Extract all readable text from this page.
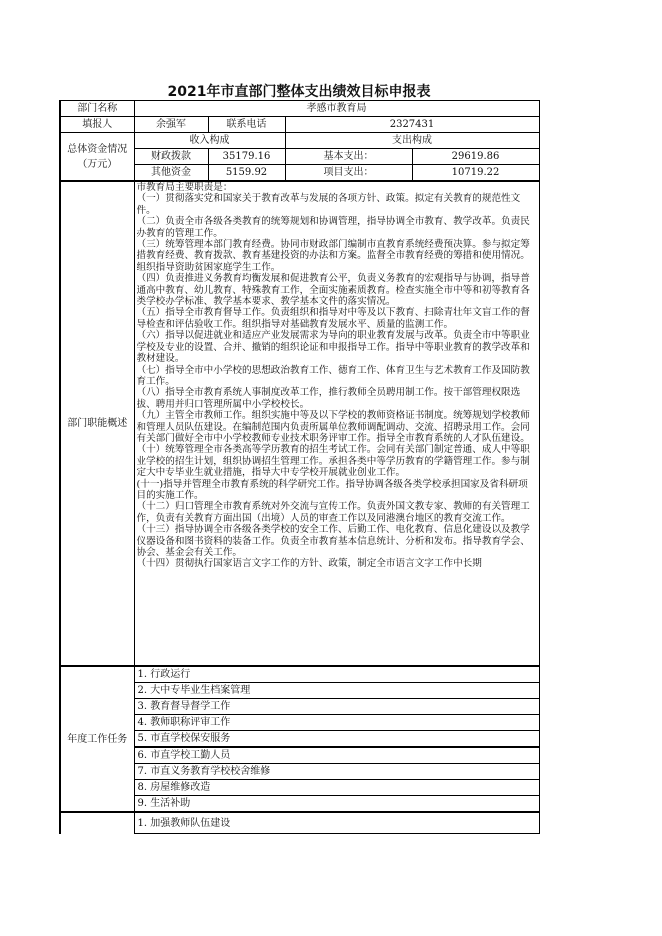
2021年市直部门整体支出绩效目标申报表
部门名称	孝感市教育局			
填报人	余强军	联系电话	2327431	

总体资金情况
（万元）	收入构成		支出构成	
	财政拨款	35179.16	基本支出：	29619.86
	其他资金	5159.92	项目支出：	10719.22
部门职能概述	

市教育局主要职责是：

（一）贯彻落实党和国家关于教育改革与发展的各项方针、政策。拟定有关教育的规范性文件。

（二）负责全市各级各类教育的统筹规划和协调管理，指导协调全市教育、教学改革。负责民办教育的管理工作。

（三）统筹管理本部门教育经费。协同市财政部门编制市直教育系统经费预决算。参与拟定筹措教育经费、教育拨款、教育基建投资的办法和方案。监督全市教育经费的筹措和使用情况。组织指导资助贫困家庭学生工作。

（四）负责推进义务教育均衡发展和促进教育公平，负责义务教育的宏观指导与协调，指导普通高中教育、幼儿教育、特殊教育工作，全面实施素质教育。检查实施全市中等和初等教育各类学校办学标准、教学基本要求、教学基本文件的落实情况。

（五）指导全市教育督导工作。负责组织和指导对中等及以下教育、扫除青壮年文盲工作的督导检查和评估验收工作。组织指导对基础教育发展水平、质量的监测工作。

（六）指导以促进就业和适应产业发展需求为导向的职业教育发展与改革。负责全市中等职业学校及专业的设置、合并、撤销的组织论证和申报指导工作。指导中等职业教育的教学改革和教材建设。

（七）指导全市中小学校的思想政治教育工作、德育工作、体育卫生与艺术教育工作及国防教育工作。

（八）指导全市教育系统人事制度改革工作，推行教师全员聘用制工作。按干部管理权限选拔、聘用并归口管理所属中小学校校长。

（九）主管全市教师工作。组织实施中等及以下学校的教师资格证书制度。统筹规划学校教师和管理人员队伍建设。在编制范围内负责所属单位教师调配调动、交流、招聘录用工作。会同有关部门做好全市中小学校教师专业技术职务评审工作。指导全市教育系统的人才队伍建设。

（十）统筹管理全市各类高等学历教育的招生考试工作。会同有关部门制定普通、成人中等职业学校的招生计划，组织协调招生管理工作。承担各类中等学历教育的学籍管理工作。参与制定大中专毕业生就业措施，指导大中专学校开展就业创业工作。

(十一)指导并管理全市教育系统的科学研究工作。指导协调各级各类学校承担国家及省科研项目的实施工作。

（十二）归口管理全市教育系统对外交流与宣传工作。负责外国文教专家、教师的有关管理工作，负责有关教育方面出国（出境）人员的审查工作以及同港澳台地区的教育交流工作。

（十三）指导协调全市各级各类学校的安全工作、后勤工作、电化教育、信息化建设以及教学仪器设备和图书资料的装备工作。负责全市教育基本信息统计、分析和发布。指导教育学会、协会、基金会有关工作。

（十四）贯彻执行国家语言文字工作的方针、政策，制定全市语言文字工作中长期

年度工作任务	1. 行政运行			
	2. 大中专毕业生档案管理			
	3. 教育督导督学工作			
	4. 教师职称评审工作			
	5. 市直学校保安服务			
	6. 市直学校工勤人员			
	7. 市直义务教育学校校舍维修			
	8. 房屋维修改造			
	9. 生活补助			
	1. 加强教师队伍建设			
